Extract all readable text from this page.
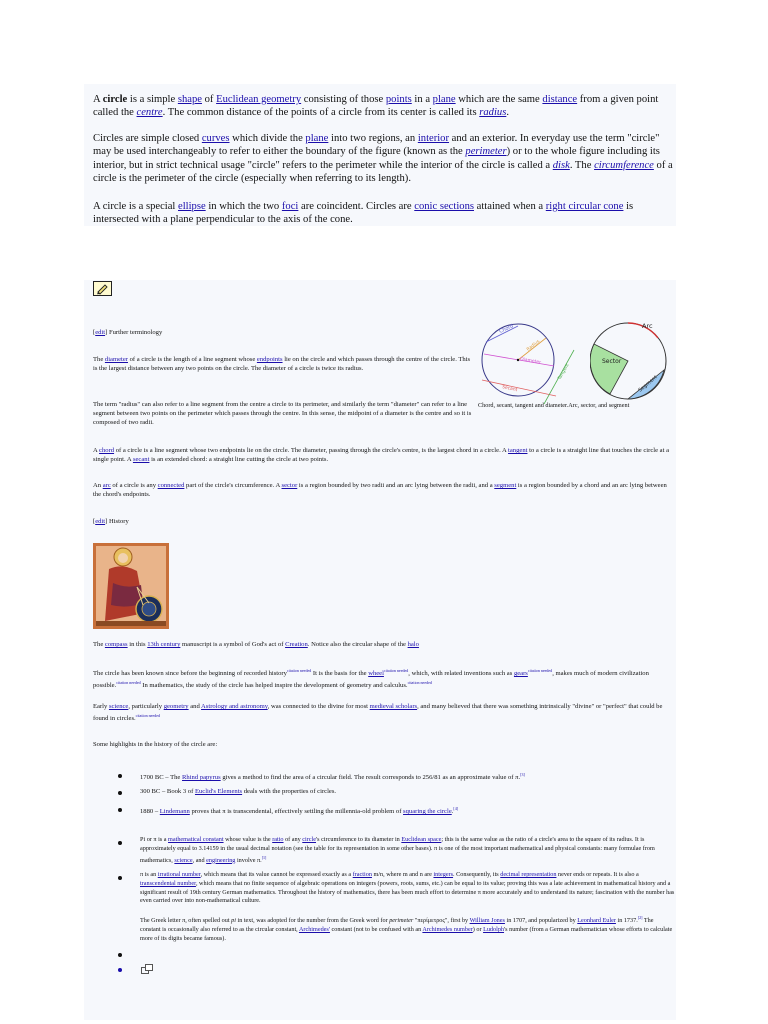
A circle is a simple shape of Euclidean geometry consisting of those points in a plane which are the same distance from a given point called the centre. The common distance of the points of a circle from its center is called its radius.

Circles are simple closed curves which divide the plane into two regions, an interior and an exterior. In everyday use the term "circle" may be used interchangeably to refer to either the boundary of the figure (known as the perimeter) or to the whole figure including its interior, but in strict technical usage "circle" refers to the perimeter while the interior of the circle is called a disk. The circumference of a circle is the perimeter of the circle (especially when referring to its length).

A circle is a special ellipse in which the two foci are coincident. Circles are conic sections attained when a right circular cone is intersected with a plane perpendicular to the axis of the cone.

[edit] Further terminology

The diameter of a circle is the length of a line segment whose endpoints lie on the circle and which passes through the centre of the circle. This is the largest distance between any two points on the circle. The diameter of a circle is twice its radius.

The term "radius" can also refer to a line segment from the centre a circle to its perimeter, and similarly the term "diameter" can refer to a line segment between two points on the perimeter which passes through the centre. In this sense, the midpoint of a diameter is the centre and so it is composed of two radii.

Chord
Diameter
Radius
Secant
Tangent
Arc
Sector
Segment

Chord, secant, tangent and diameter.Arc, sector, and segment

A chord of a circle is a line segment whose two endpoints lie on the circle. The diameter, passing through the circle's centre, is the largest chord in a circle. A tangent to a circle is a straight line that touches the circle at a single point. A secant is an extended chord: a straight line cutting the circle at two points.

An arc of a circle is any connected part of the circle's circumference. A sector is a region bounded by two radii and an arc lying between the radii, and a segment is a region bounded by a chord and an arc lying between the chord's endpoints.

[edit] History

The compass in this 13th century manuscript is a symbol of God's act of Creation. Notice also the circular shape of the halo

The circle has been known since before the beginning of recorded history$^{citation needed}$ It is the basis for the wheel$^{citation needed}$, which, with related inventions such as gears$^{citation needed}$, makes much of modern civilization possible.$^{citation needed}$ In mathematics, the study of the circle has helped inspire the development of geometry and calculus.$^{citation needed}$

Early science, particularly geometry and Astrology and astronomy, was connected to the divine for most medieval scholars, and many believed that there was something intrinsically "divine" or "perfect" that could be found in circles.$^{citation needed}$

Some highlights in the history of the circle are:

1700 BC – The Rhind papyrus gives a method to find the area of a circular field. The result corresponds to 256/81 as an approximate value of π.[3]

300 BC – Book 3 of Euclid's Elements deals with the properties of circles.

1880 – Lindemann proves that π is transcendental, effectively settling the millennia-old problem of squaring the circle.[4]

Pi or π is a mathematical constant whose value is the ratio of any circle's circumference to its diameter in Euclidean space; this is the same value as the ratio of a circle's area to the square of its radius. It is approximately equal to 3.14159 in the usual decimal notation (see the table for its representation in some other bases). π is one of the most important mathematical and physical constants: many formulae from mathematics, science, and engineering involve π.[1]

π is an irrational number, which means that its value cannot be expressed exactly as a fraction m/n, where m and n are integers. Consequently, its decimal representation never ends or repeats. It is also a transcendental number, which means that no finite sequence of algebraic operations on integers (powers, roots, sums, etc.) can be equal to its value; proving this was a late achievement in mathematical history and a significant result of 19th century German mathematics. Throughout the history of mathematics, there has been much effort to determine π more accurately and to understand its nature; fascination with the number has even carried over into non-mathematical culture.

The Greek letter π, often spelled out pi in text, was adopted for the number from the Greek word for perimeter "περίμετρος", first by William Jones in 1707, and popularized by Leonhard Euler in 1737.[2] The constant is occasionally also referred to as the circular constant, Archimedes' constant (not to be confused with an Archimedes number) or Ludolph's number (from a German mathematician whose efforts to calculate more of its digits became famous).
